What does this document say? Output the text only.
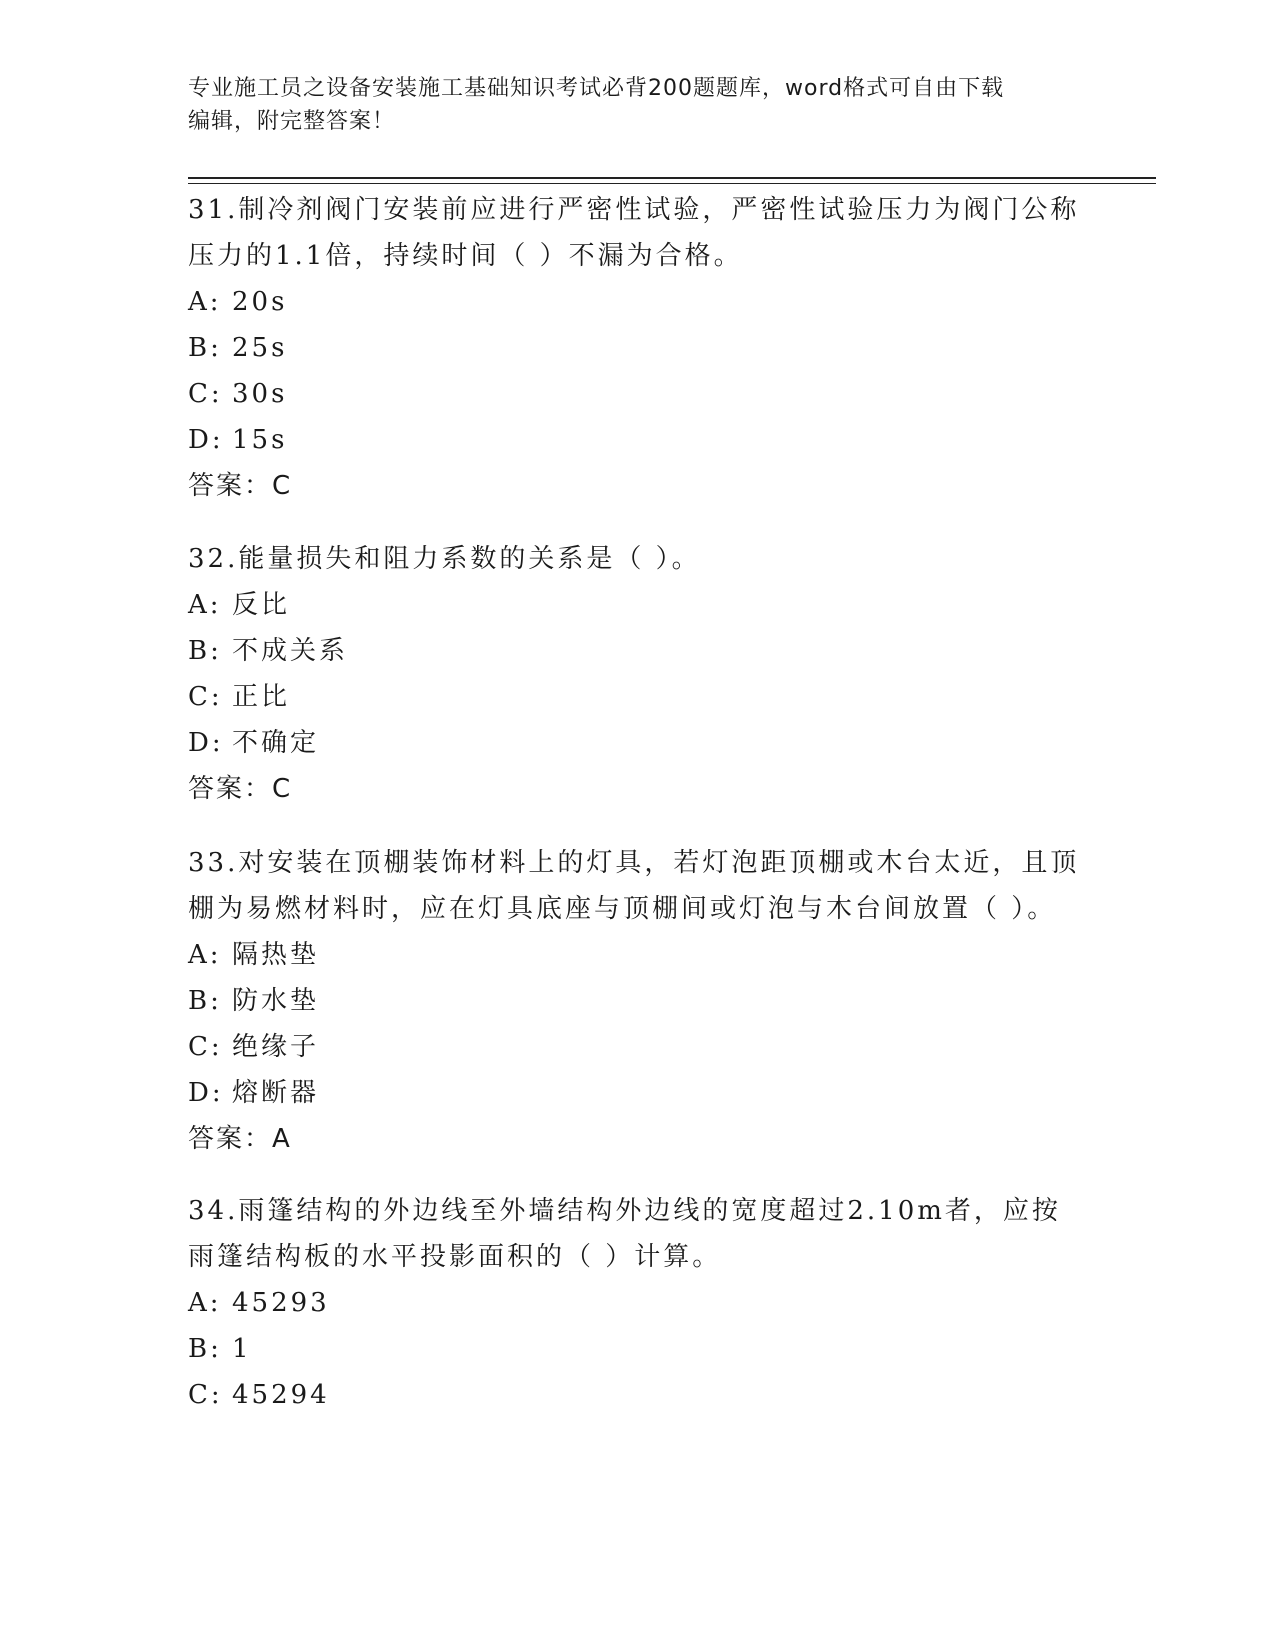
专业施工员之设备安装施工基础知识考试必背200题题库，word格式可自由下载
编辑，附完整答案！

31.制冷剂阀门安装前应进行严密性试验，严密性试验压力为阀门公称压力的1.1倍，持续时间（ ）不漏为合格。

A: 20s
B: 25s
C: 30s
D: 15s
答案：C

32.能量损失和阻力系数的关系是（ ）。

A: 反比
B: 不成关系
C: 正比
D: 不确定
答案：C

33.对安装在顶棚装饰材料上的灯具，若灯泡距顶棚或木台太近，且顶棚为易燃材料时，应在灯具底座与顶棚间或灯泡与木台间放置（ ）。

A: 隔热垫
B: 防水垫
C: 绝缘子
D: 熔断器
答案：A

34.雨篷结构的外边线至外墙结构外边线的宽度超过2.10m者，应按雨篷结构板的水平投影面积的（ ）计算。

A: 45293
B: 1
C: 45294
